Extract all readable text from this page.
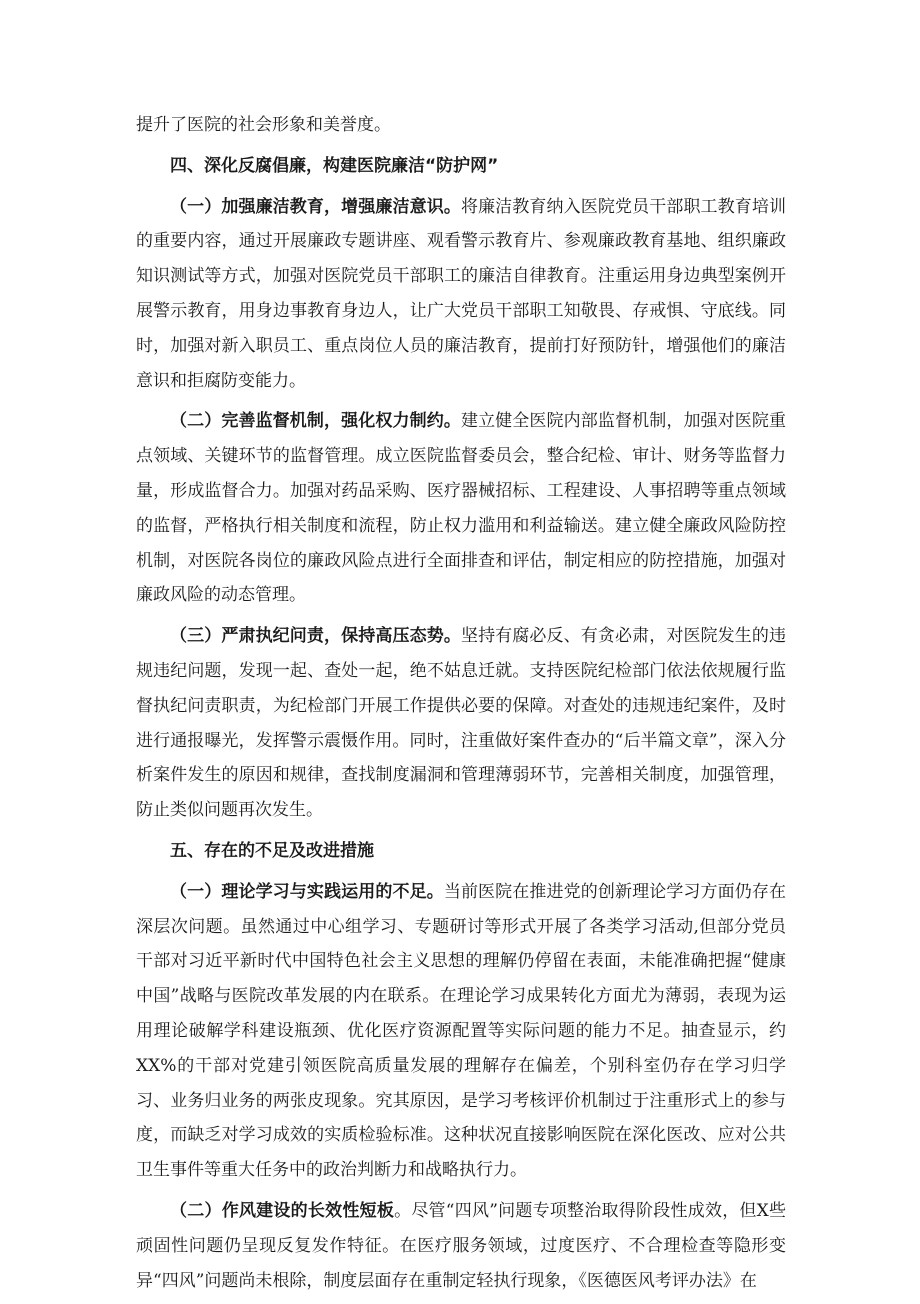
提升了医院的社会形象和美誉度。

四、深化反腐倡廉，构建医院廉洁“防护网”

（一）加强廉洁教育，增强廉洁意识。将廉洁教育纳入医院党员干部职工教育培训的重要内容，通过开展廉政专题讲座、观看警示教育片、参观廉政教育基地、组织廉政知识测试等方式，加强对医院党员干部职工的廉洁自律教育。注重运用身边典型案例开展警示教育，用身边事教育身边人，让广大党员干部职工知敬畏、存戒惧、守底线。同时，加强对新入职员工、重点岗位人员的廉洁教育，提前打好预防针，增强他们的廉洁意识和拒腐防变能力。

（二）完善监督机制，强化权力制约。建立健全医院内部监督机制，加强对医院重点领域、关键环节的监督管理。成立医院监督委员会，整合纪检、审计、财务等监督力量，形成监督合力。加强对药品采购、医疗器械招标、工程建设、人事招聘等重点领域的监督，严格执行相关制度和流程，防止权力滥用和利益输送。建立健全廉政风险防控机制，对医院各岗位的廉政风险点进行全面排查和评估，制定相应的防控措施，加强对廉政风险的动态管理。

（三）严肃执纪问责，保持高压态势。坚持有腐必反、有贪必肃，对医院发生的违规违纪问题，发现一起、查处一起，绝不姑息迁就。支持医院纪检部门依法依规履行监督执纪问责职责，为纪检部门开展工作提供必要的保障。对查处的违规违纪案件，及时进行通报曝光，发挥警示震慑作用。同时，注重做好案件查办的“后半篇文章”，深入分析案件发生的原因和规律，查找制度漏洞和管理薄弱环节，完善相关制度，加强管理，防止类似问题再次发生。

五、存在的不足及改进措施

（一）理论学习与实践运用的不足。当前医院在推进党的创新理论学习方面仍存在深层次问题。虽然通过中心组学习、专题研讨等形式开展了各类学习活动,但部分党员干部对习近平新时代中国特色社会主义思想的理解仍停留在表面，未能准确把握“健康中国”战略与医院改革发展的内在联系。在理论学习成果转化方面尤为薄弱，表现为运用理论破解学科建设瓶颈、优化医疗资源配置等实际问题的能力不足。抽查显示，约XX%的干部对党建引领医院高质量发展的理解存在偏差，个别科室仍存在学习归学习、业务归业务的两张皮现象。究其原因，是学习考核评价机制过于注重形式上的参与度，而缺乏对学习成效的实质检验标准。这种状况直接影响医院在深化医改、应对公共卫生事件等重大任务中的政治判断力和战略执行力。

（二）作风建设的长效性短板。尽管“四风”问题专项整治取得阶段性成效，但X些顽固性问题仍呈现反复发作特征。在医疗服务领域，过度医疗、不合理检查等隐形变异“四风”问题尚未根除，制度层面存在重制定轻执行现象，《医德医风考评办法》在
